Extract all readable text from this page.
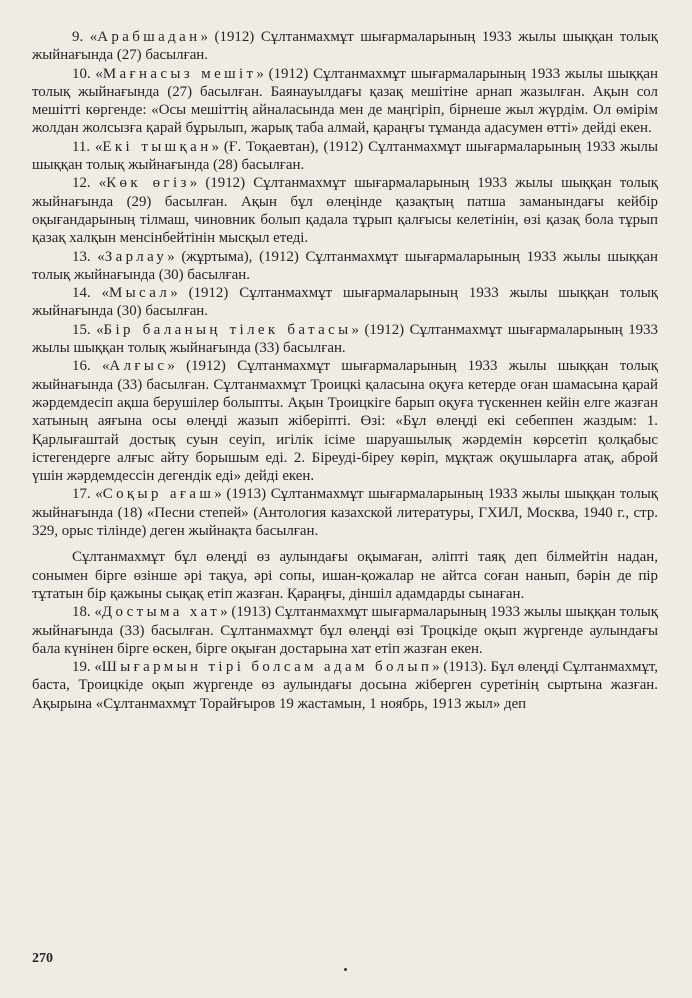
9. «Арабшадан» (1912) Сұлтанмахмұт шығармаларының 1933 жылы шыққан толық жыйнағында (27) басылған.

10. «Мағнасыз мешіт» (1912) Сұлтанмахмұт шығармаларының 1933 жылы шыққан толық жыйнағында (27) басылған. Баянауылдағы қазақ мешітіне арнап жазылған. Ақын сол мешітті көргенде: «Осы мешіттің айналасында мен де маңгіріп, бірнеше жыл жүрдім. Ол өмірім жолдан жолсызға қарай бұрылып, жарық таба алмай, қараңғы тұманда адасумен өтті» дейді екен.

11. «Екі тышқан» (Ғ. Тоқаевтан), (1912) Сұлтанмахмұт шығармаларының 1933 жылы шыққан толық жыйнағында (28) басылған.

12. «Көк өгіз» (1912) Сұлтанмахмұт шығармаларының 1933 жылы шыққан толық жыйнағында (29) басылған. Ақын бұл өлеңінде қазақтың патша заманындағы кейбір оқығандарының тілмаш, чиновник болып қадала тұрып қалғысы келетінін, өзі қазақ бола тұрып қазақ халқын менсінбейтінін мысқыл етеді.

13. «Зарлау» (жұртыма), (1912) Сұлтанмахмұт шығармаларының 1933 жылы шыққан толық жыйнағында (30) басылған.

14. «Мысал» (1912) Сұлтанмахмұт шығармаларының 1933 жылы шыққан толық жыйнағында (30) басылған.

15. «Бір баланың тілек батасы» (1912) Сұлтанмахмұт шығармаларының 1933 жылы шыққан толық жыйнағында (33) басылған.

16. «Алғыс» (1912) Сұлтанмахмұт шығармаларының 1933 жылы шыққан толық жыйнағында (33) басылған. Сұлтанмахмұт Троицкі қаласына оқуға кетерде оған шамасына қарай жәрдемдесіп ақша берушілер болыпты. Ақын Троицкіге барып оқуға түскеннен кейін елге жазған хатының аяғына осы өлеңді жазып жіберіпті. Өзі: «Бұл өлеңді екі себеппен жаздым: 1. Қарлығаштай достық суын сеуіп, игілік ісіме шаруашылық жәрдемін көрсетіп қолқабыс істегендерге алғыс айту борышым еді. 2. Біреуді-біреу көріп, мұқтаж оқушыларға атақ, аброй үшін жәрдемдессін дегендік еді» дейді екен.

17. «Соқыр ағаш» (1913) Сұлтанмахмұт шығармаларының 1933 жылы шыққан толық жыйнағында (18) «Песни степей» (Антология казахской литературы, ГХИЛ, Москва, 1940 г., стр. 329, орыс тілінде) деген жыйнақта басылған.

Сұлтанмахмұт бұл өлеңді өз аулындағы оқымаған, әліпті таяқ деп білмейтін надан, сонымен бірге өзінше әрі тақуа, әрі сопы, ишан-қожалар не айтса соған нанып, бәрін де пір тұтатын бір қажыны сықақ етіп жазған. Қараңғы, діншіл адамдарды сынаған.

18. «Достыма хат» (1913) Сұлтанмахмұт шығармаларының 1933 жылы шыққан толық жыйнағында (33) басылған. Сұлтанмахмұт бұл өлеңді өзі Троцкіде оқып жүргенде аулындағы бала күнінен бірге өскен, бірге оқыған достарына хат етіп жазған екен.

19. «Шығармын тірі болсам адам болып» (1913). Бұл өлеңді Сұлтанмахмұт, баста, Троицкіде оқып жүргенде өз аулындағы досына жіберген суретінің сыртына жазған. Ақырына «Сұлтанмахмұт Торайғыров 19 жастамын, 1 ноябрь, 1913 жыл» деп

270
